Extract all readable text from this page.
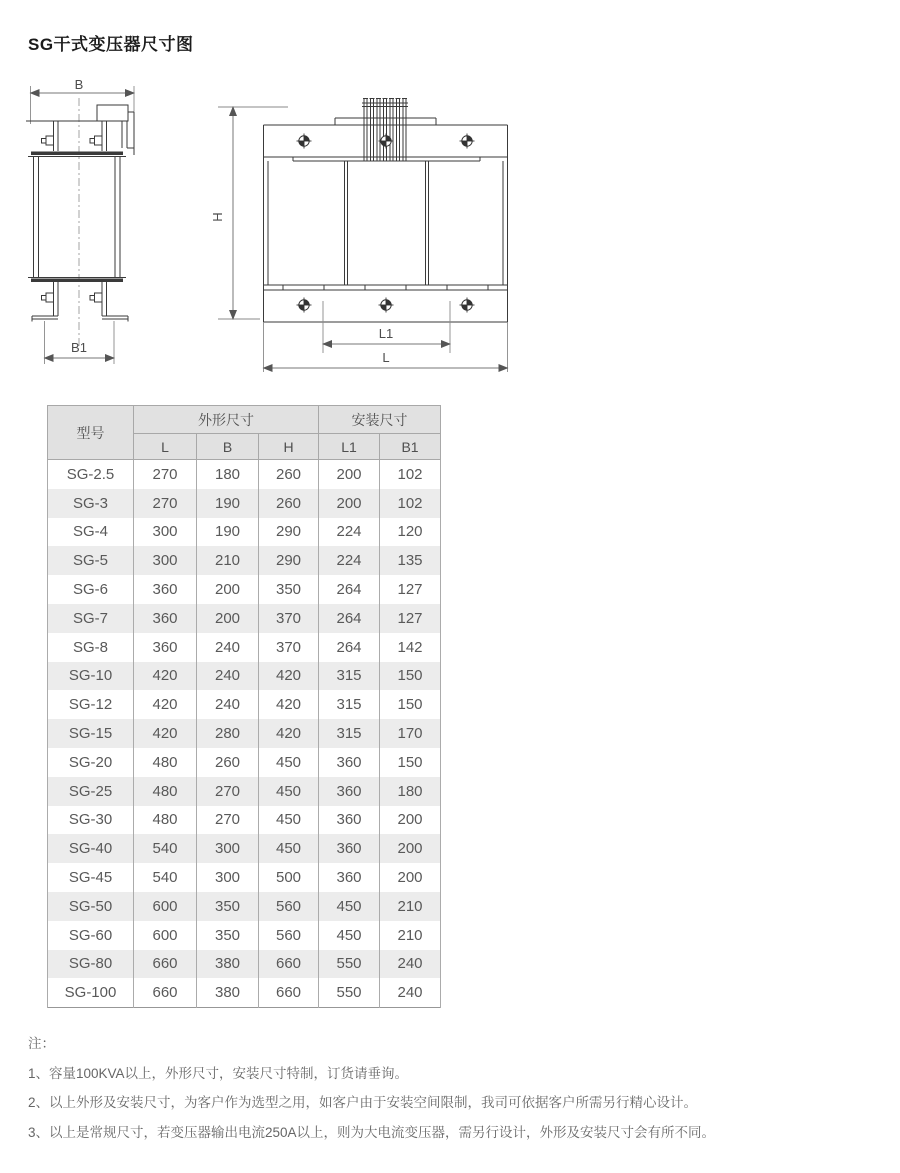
SG干式变压器尺寸图
B
B1
H
L1
L
型号	外形尺寸			安装尺寸	
	L	B	H	L1	B1
SG-2.5	270	180	260	200	102
SG-3	270	190	260	200	102
SG-4	300	190	290	224	120
SG-5	300	210	290	224	135
SG-6	360	200	350	264	127
SG-7	360	200	370	264	127
SG-8	360	240	370	264	142
SG-10	420	240	420	315	150
SG-12	420	240	420	315	150
SG-15	420	280	420	315	170
SG-20	480	260	450	360	150
SG-25	480	270	450	360	180
SG-30	480	270	450	360	200
SG-40	540	300	450	360	200
SG-45	540	300	500	360	200
SG-50	600	350	560	450	210
SG-60	600	350	560	450	210
SG-80	660	380	660	550	240
SG-100	660	380	660	550	240
注：
1、容量100KVA以上，外形尺寸，安装尺寸特制，订货请垂询。
2、以上外形及安装尺寸，为客户作为选型之用，如客户由于安装空间限制，我司可依据客户所需另行精心设计。
3、以上是常规尺寸，若变压器输出电流250A以上，则为大电流变压器，需另行设计，外形及安装尺寸会有所不同。
